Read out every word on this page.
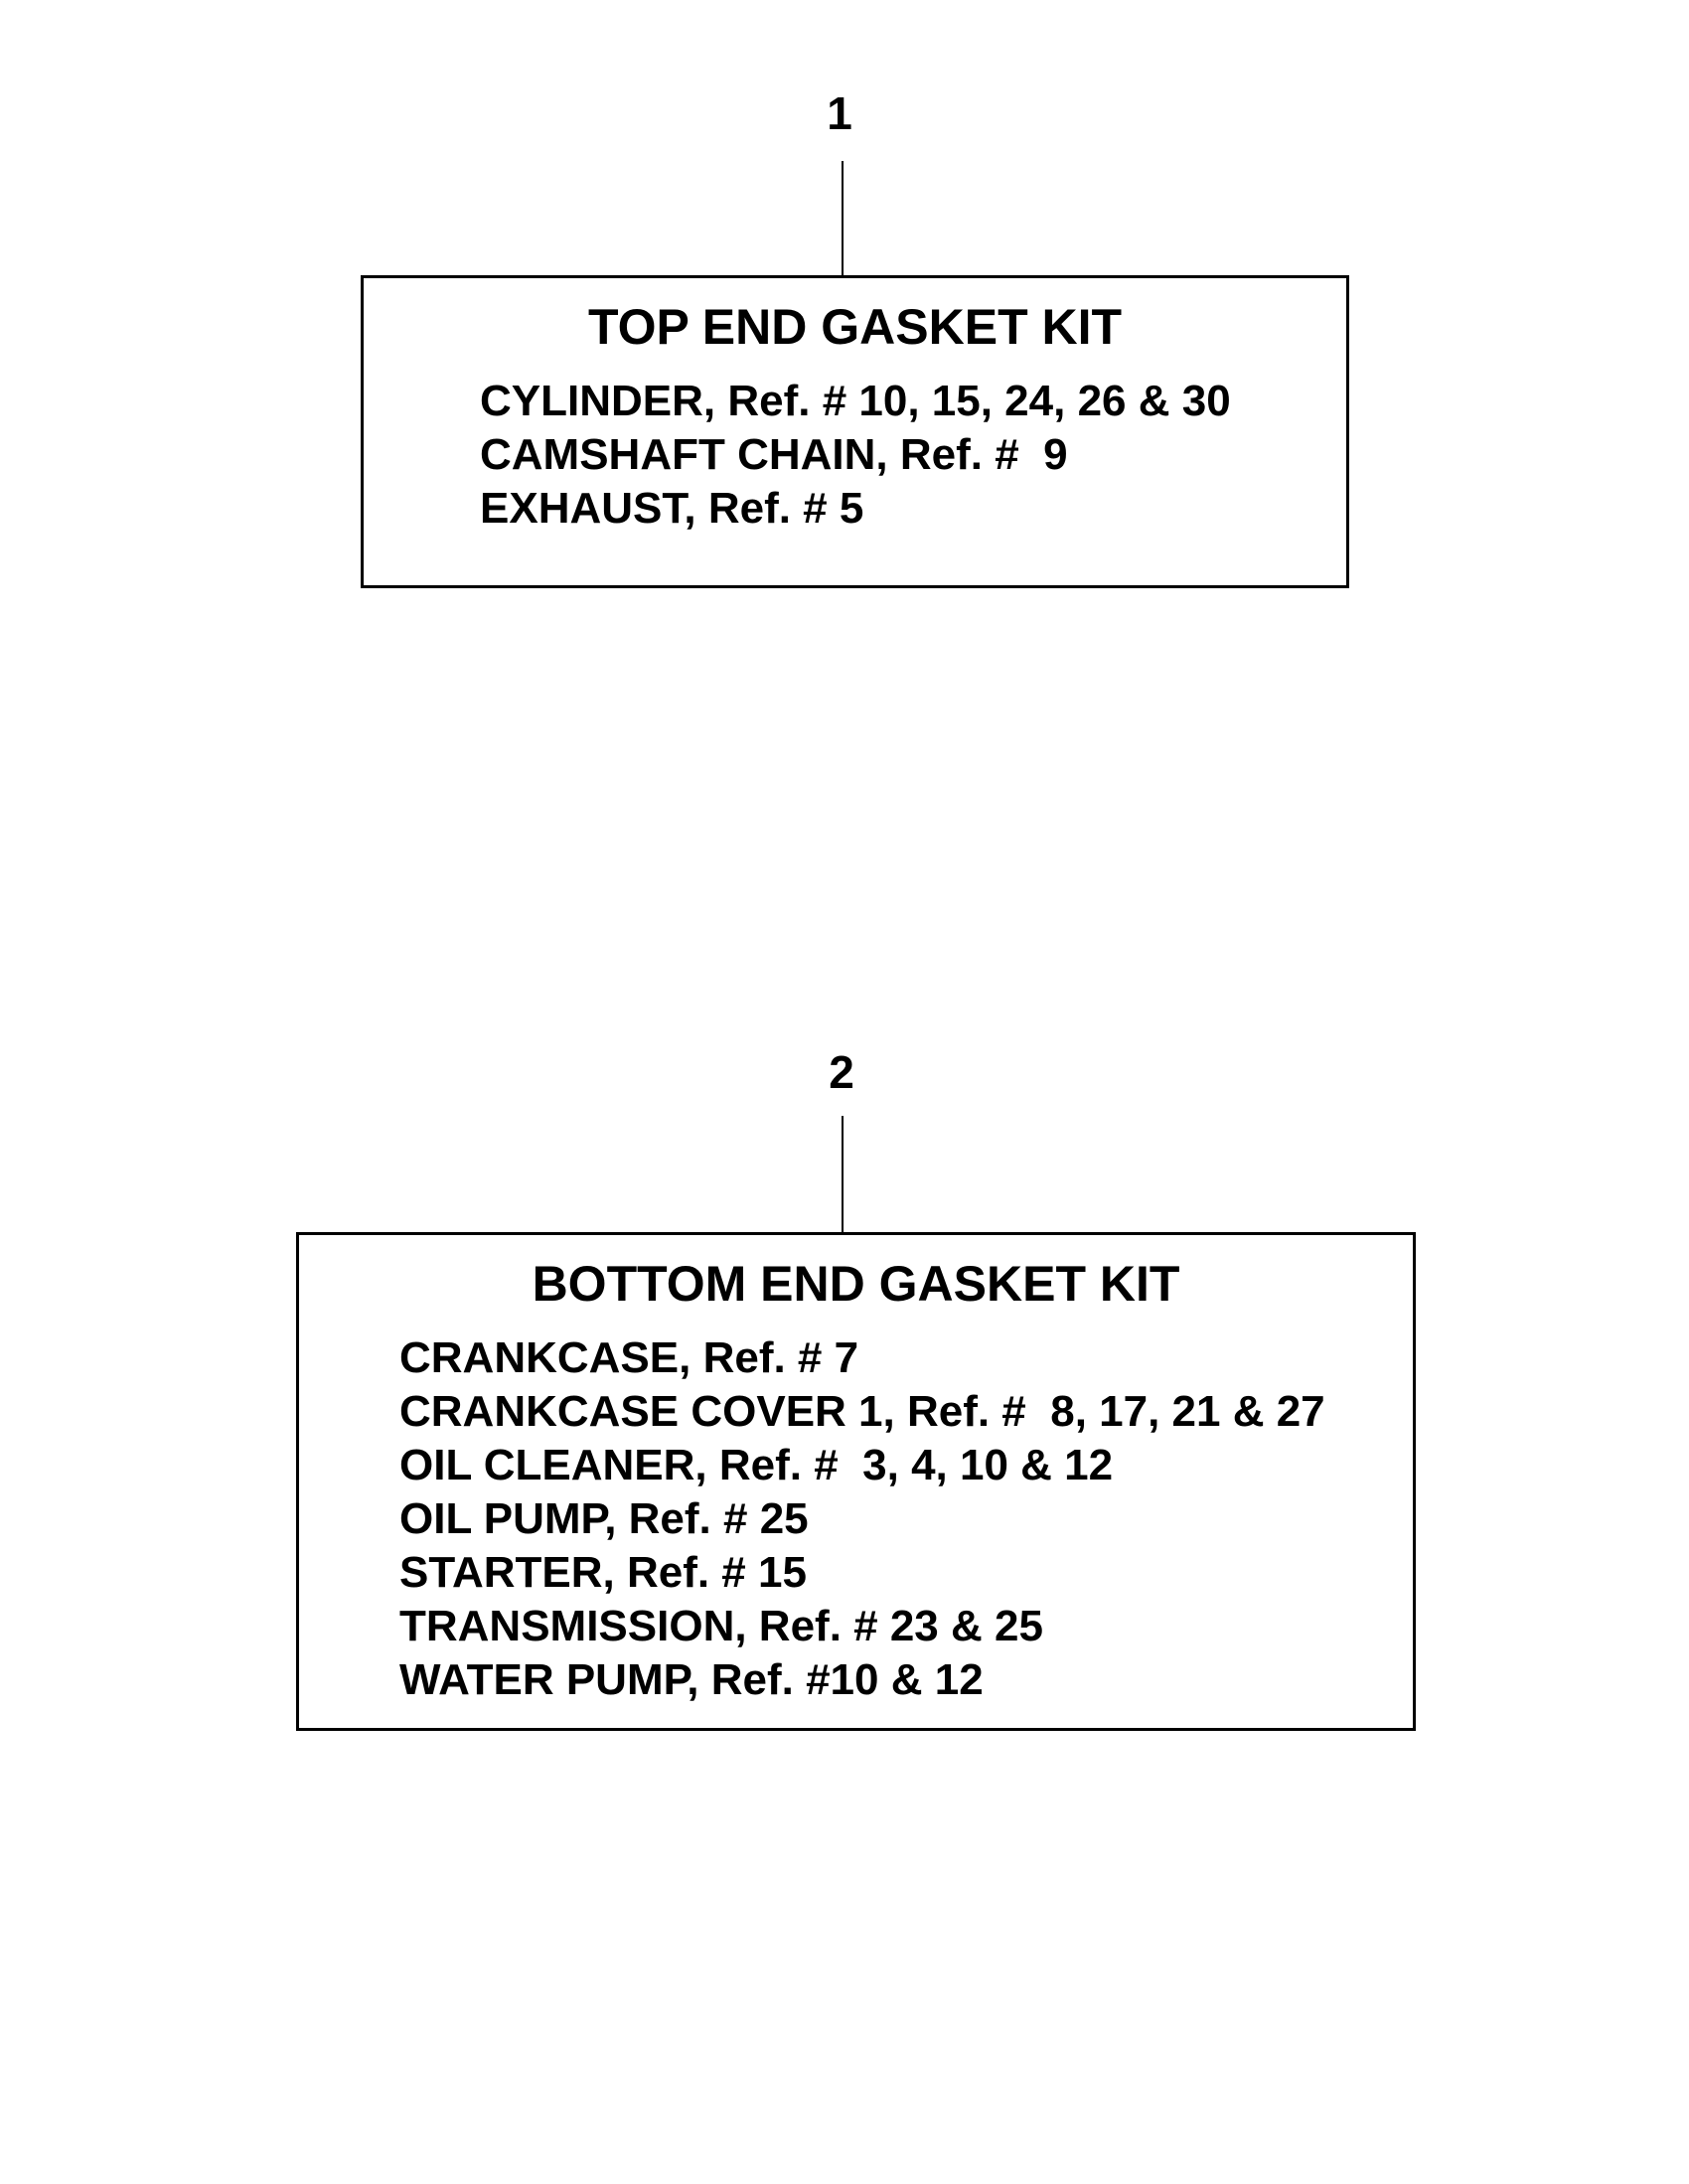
1
TOP END GASKET KIT
CYLINDER, Ref. # 10, 15, 24, 26 & 30
CAMSHAFT CHAIN, Ref. #  9
EXHAUST, Ref. # 5
2
BOTTOM END GASKET KIT
CRANKCASE, Ref. # 7
CRANKCASE COVER 1, Ref. #  8, 17, 21 & 27
OIL CLEANER, Ref. #  3, 4, 10 & 12
OIL PUMP, Ref. # 25
STARTER, Ref. # 15
TRANSMISSION, Ref. # 23 & 25
WATER PUMP, Ref. #10 & 12
